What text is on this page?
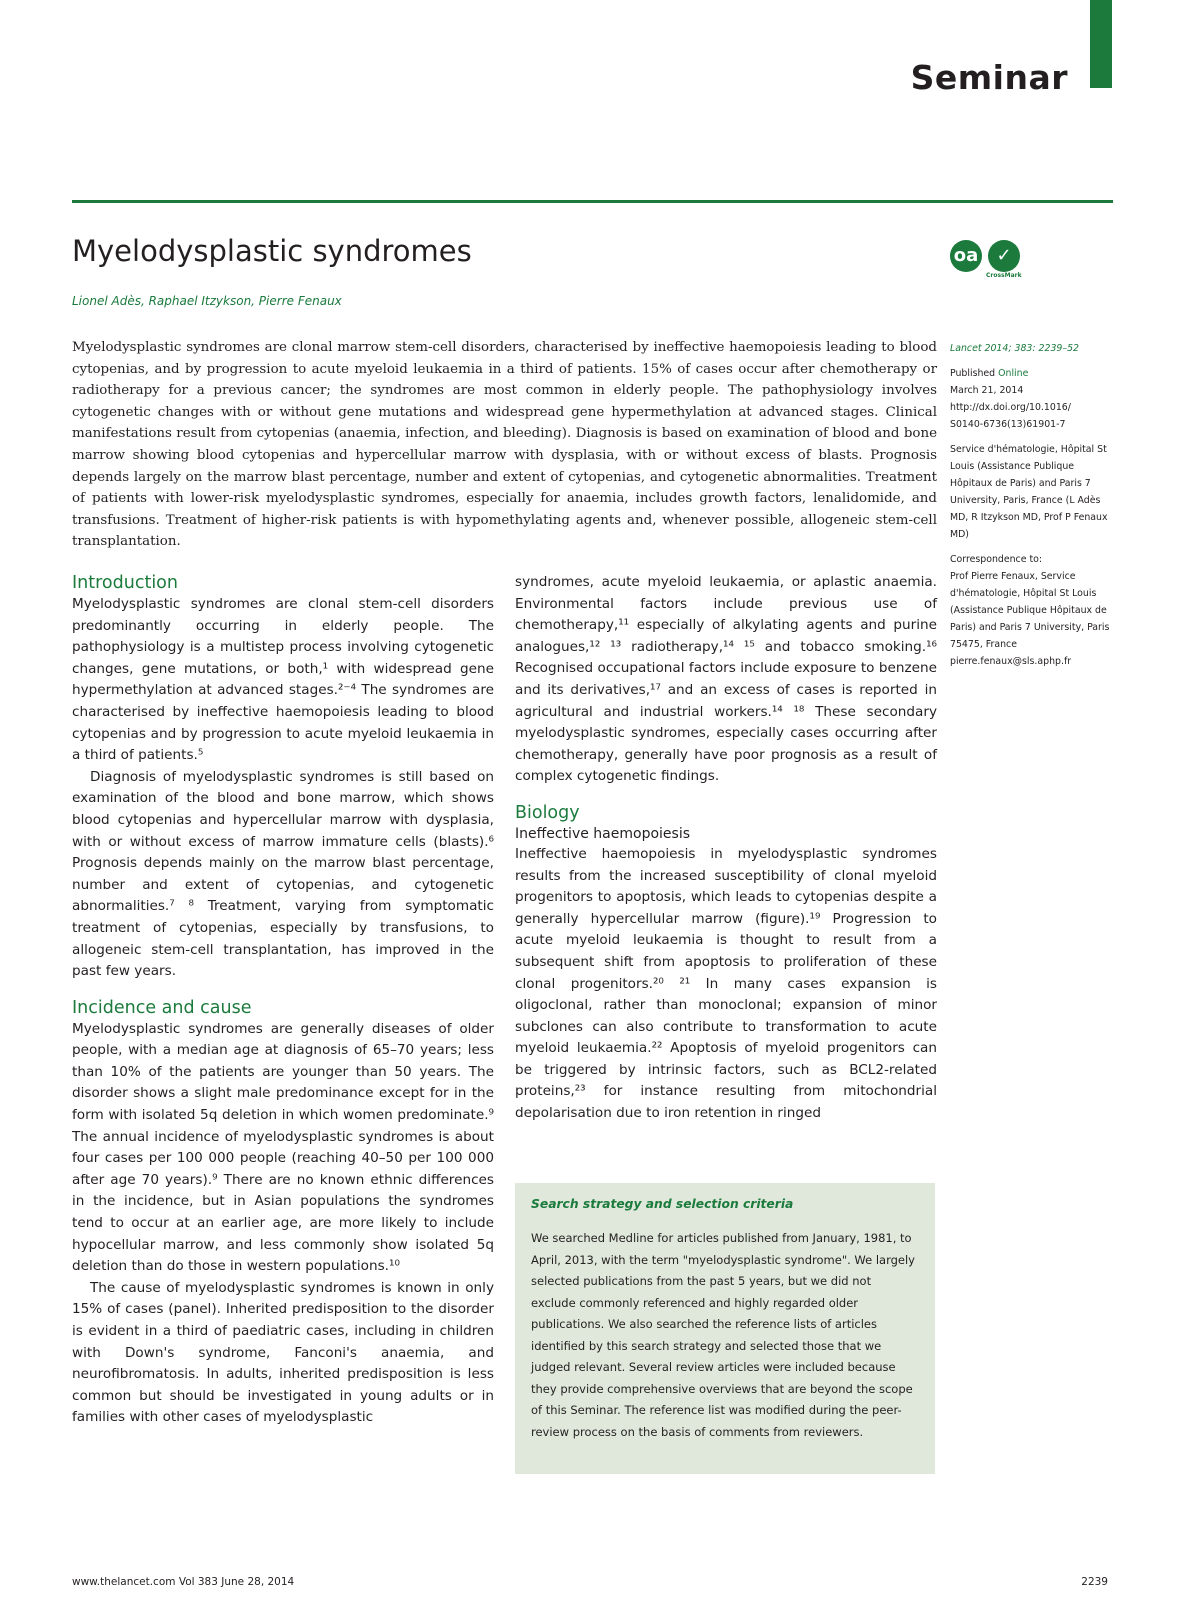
Seminar
Myelodysplastic syndromes
Lionel Adès, Raphael Itzykson, Pierre Fenaux
oa	✓
CrossMark

Myelodysplastic syndromes are clonal marrow stem-cell disorders, characterised by ineffective haemopoiesis leading to blood cytopenias, and by progression to acute myeloid leukaemia in a third of patients. 15% of cases occur after chemotherapy or radiotherapy for a previous cancer; the syndromes are most common in elderly people. The pathophysiology involves cytogenetic changes with or without gene mutations and widespread gene hypermethylation at advanced stages. Clinical manifestations result from cytopenias (anaemia, infection, and bleeding). Diagnosis is based on examination of blood and bone marrow showing blood cytopenias and hypercellular marrow with dysplasia, with or without excess of blasts. Prognosis depends largely on the marrow blast percentage, number and extent of cytopenias, and cytogenetic abnormalities. Treatment of patients with lower-risk myelodysplastic syndromes, especially for anaemia, includes growth factors, lenalidomide, and transfusions. Treatment of higher-risk patients is with hypomethylating agents and, whenever possible, allogeneic stem-cell transplantation.

Lancet 2014; 383: 2239–52

Published Online
March 21, 2014
http://dx.doi.org/10.1016/
S0140-6736(13)61901-7

Service d'hématologie, Hôpital St Louis (Assistance Publique Hôpitaux de Paris) and Paris 7 University, Paris, France (L Adès MD, R Itzykson MD, Prof P Fenaux MD)

Correspondence to:
Prof Pierre Fenaux, Service d'hématologie, Hôpital St Louis (Assistance Publique Hôpitaux de Paris) and Paris 7 University, Paris 75475, France
pierre.fenaux@sls.aphp.fr

Introduction

Myelodysplastic syndromes are clonal stem-cell disorders predominantly occurring in elderly people. The pathophysiology is a multistep process involving cytogenetic changes, gene mutations, or both,¹ with widespread gene hypermethylation at advanced stages.²⁻⁴ The syndromes are characterised by ineffective haemopoiesis leading to blood cytopenias and by progression to acute myeloid leukaemia in a third of patients.⁵

Diagnosis of myelodysplastic syndromes is still based on examination of the blood and bone marrow, which shows blood cytopenias and hypercellular marrow with dysplasia, with or without excess of marrow immature cells (blasts).⁶ Prognosis depends mainly on the marrow blast percentage, number and extent of cytopenias, and cytogenetic abnormalities.⁷ ⁸ Treatment, varying from symptomatic treatment of cytopenias, especially by transfusions, to allogeneic stem-cell transplantation, has improved in the past few years.

Incidence and cause

Myelodysplastic syndromes are generally diseases of older people, with a median age at diagnosis of 65–70 years; less than 10% of the patients are younger than 50 years. The disorder shows a slight male predominance except for in the form with isolated 5q deletion in which women predominate.⁹ The annual incidence of myelodysplastic syndromes is about four cases per 100 000 people (reaching 40–50 per 100 000 after age 70 years).⁹ There are no known ethnic differences in the incidence, but in Asian populations the syndromes tend to occur at an earlier age, are more likely to include hypocellular marrow, and less commonly show isolated 5q deletion than do those in western populations.¹⁰

The cause of myelodysplastic syndromes is known in only 15% of cases (panel). Inherited predisposition to the disorder is evident in a third of paediatric cases, including in children with Down's syndrome, Fanconi's anaemia, and neurofibromatosis. In adults, inherited predisposition is less common but should be investigated in young adults or in families with other cases of myelodysplastic

syndromes, acute myeloid leukaemia, or aplastic anaemia. Environmental factors include previous use of chemotherapy,¹¹ especially of alkylating agents and purine analogues,¹² ¹³ radiotherapy,¹⁴ ¹⁵ and tobacco smoking.¹⁶ Recognised occupational factors include exposure to benzene and its derivatives,¹⁷ and an excess of cases is reported in agricultural and industrial workers.¹⁴ ¹⁸ These secondary myelodysplastic syndromes, especially cases occurring after chemotherapy, generally have poor prognosis as a result of complex cytogenetic findings.

Biology
Ineffective haemopoiesis

Ineffective haemopoiesis in myelodysplastic syndromes results from the increased susceptibility of clonal myeloid progenitors to apoptosis, which leads to cytopenias despite a generally hypercellular marrow (figure).¹⁹ Progression to acute myeloid leukaemia is thought to result from a subsequent shift from apoptosis to proliferation of these clonal progenitors.²⁰ ²¹ In many cases expansion is oligoclonal, rather than monoclonal; expansion of minor subclones can also contribute to transformation to acute myeloid leukaemia.²² Apoptosis of myeloid progenitors can be triggered by intrinsic factors, such as BCL2-related proteins,²³ for instance resulting from mitochondrial depolarisation due to iron retention in ringed

Search strategy and selection criteria

We searched Medline for articles published from January, 1981, to April, 2013, with the term "myelodysplastic syndrome". We largely selected publications from the past 5 years, but we did not exclude commonly referenced and highly regarded older publications. We also searched the reference lists of articles identified by this search strategy and selected those that we judged relevant. Several review articles were included because they provide comprehensive overviews that are beyond the scope of this Seminar. The reference list was modified during the peer-review process on the basis of comments from reviewers.

www.thelancet.com Vol 383 June 28, 2014	2239
